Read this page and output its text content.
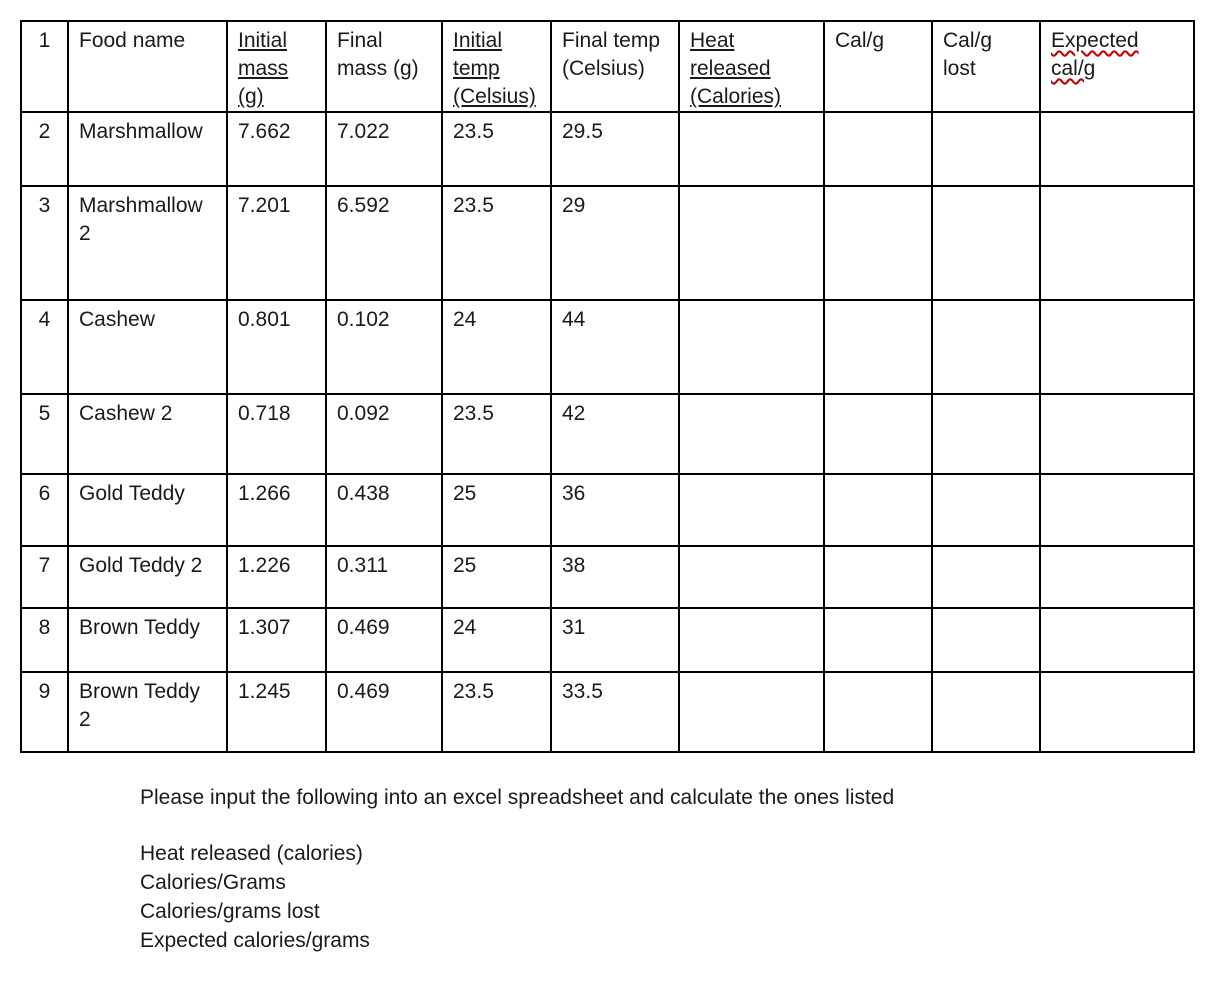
1	Food name	Initial mass (g)	Final mass (g)	Initial temp (Celsius)	Final temp (Celsius)	Heat released (Calories)	Cal/g	Cal/g lost	Expected cal/g
2	Marshmallow	7.662	7.022	23.5	29.5				
3	Marshmallow 2	7.201	6.592	23.5	29				
4	Cashew	0.801	0.102	24	44				
5	Cashew 2	0.718	0.092	23.5	42				
6	Gold Teddy	1.266	0.438	25	36				
7	Gold Teddy 2	1.226	0.311	25	38				
8	Brown Teddy	1.307	0.469	24	31				
9	Brown Teddy 2	1.245	0.469	23.5	33.5				
Please input the following into an excel spreadsheet and calculate the ones listed
Heat released (calories)
Calories/Grams
Calories/grams lost
Expected calories/grams
